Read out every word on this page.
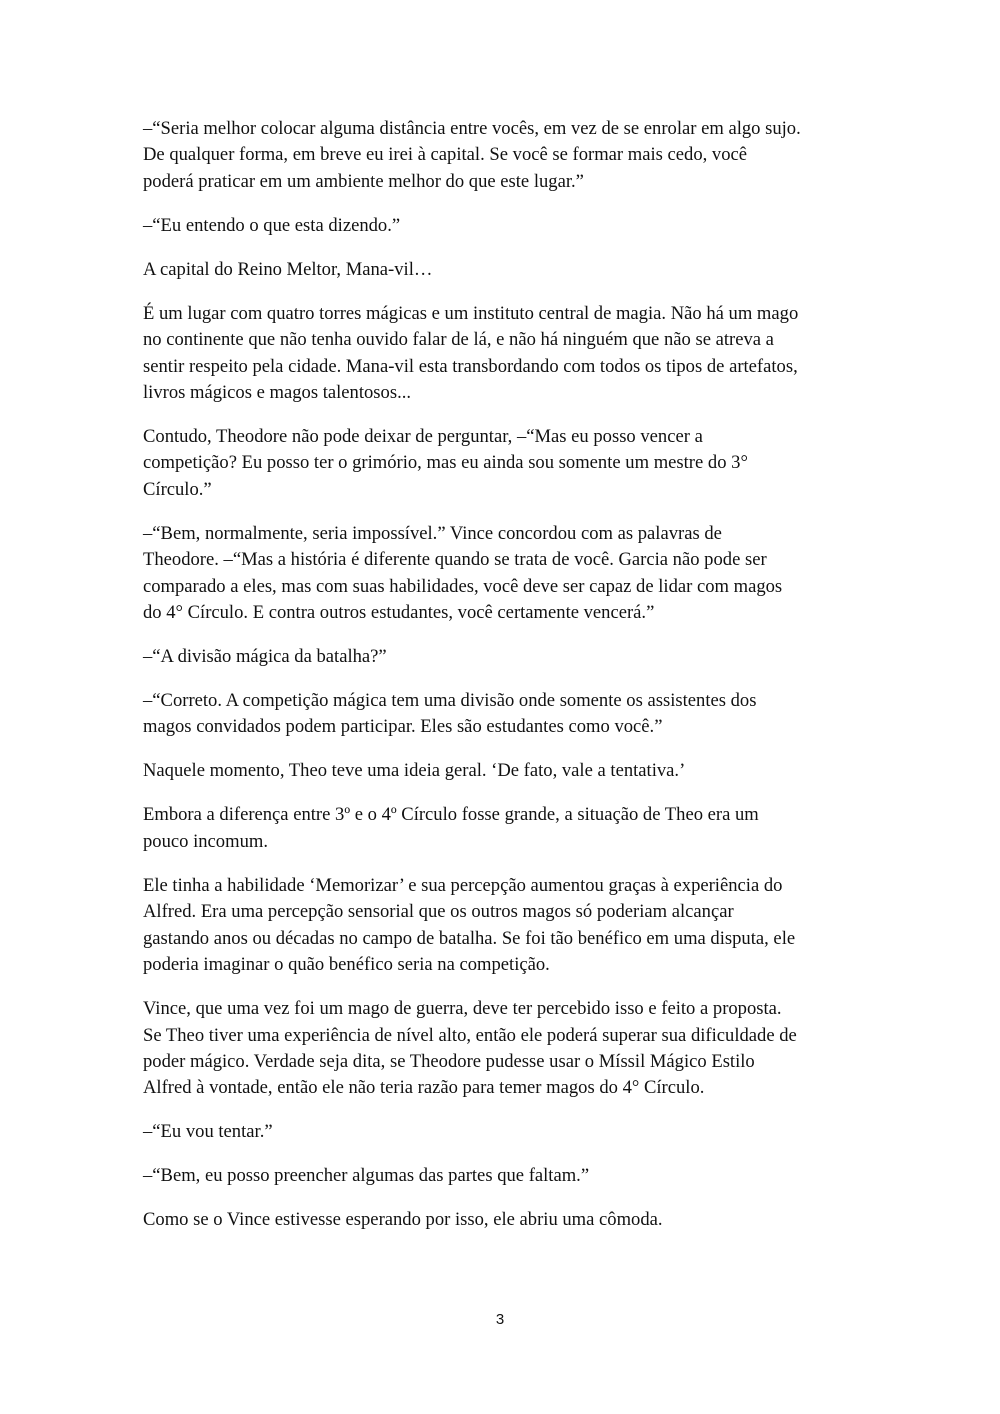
–“Seria melhor colocar alguma distância entre vocês, em vez de se enrolar em algo sujo.
De qualquer forma, em breve eu irei à capital. Se você se formar mais cedo, você
poderá praticar em um ambiente melhor do que este lugar.”

–“Eu entendo o que esta dizendo.”

A capital do Reino Meltor, Mana-vil…

É um lugar com quatro torres mágicas e um instituto central de magia. Não há um mago
no continente que não tenha ouvido falar de lá, e não há ninguém que não se atreva a
sentir respeito pela cidade. Mana-vil esta transbordando com todos os tipos de artefatos,
livros mágicos e magos talentosos...

Contudo, Theodore não pode deixar de perguntar, –“Mas eu posso vencer a
competição? Eu posso ter o grimório, mas eu ainda sou somente um mestre do 3°
Círculo.”

–“Bem, normalmente, seria impossível.” Vince concordou com as palavras de
Theodore. –“Mas a história é diferente quando se trata de você. Garcia não pode ser
comparado a eles, mas com suas habilidades, você deve ser capaz de lidar com magos
do 4° Círculo. E contra outros estudantes, você certamente vencerá.”

–“A divisão mágica da batalha?”

–“Correto. A competição mágica tem uma divisão onde somente os assistentes dos
magos convidados podem participar. Eles são estudantes como você.”

Naquele momento, Theo teve uma ideia geral. ‘De fato, vale a tentativa.’

Embora a diferença entre 3º e o 4º Círculo fosse grande, a situação de Theo era um
pouco incomum.

Ele tinha a habilidade ‘Memorizar’ e sua percepção aumentou graças à experiência do
Alfred. Era uma percepção sensorial que os outros magos só poderiam alcançar
gastando anos ou décadas no campo de batalha. Se foi tão benéfico em uma disputa, ele
poderia imaginar o quão benéfico seria na competição.

Vince, que uma vez foi um mago de guerra, deve ter percebido isso e feito a proposta.
Se Theo tiver uma experiência de nível alto, então ele poderá superar sua dificuldade de
poder mágico. Verdade seja dita, se Theodore pudesse usar o Míssil Mágico Estilo
Alfred à vontade, então ele não teria razão para temer magos do 4° Círculo.

–“Eu vou tentar.”

–“Bem, eu posso preencher algumas das partes que faltam.”

Como se o Vince estivesse esperando por isso, ele abriu uma cômoda.

3
